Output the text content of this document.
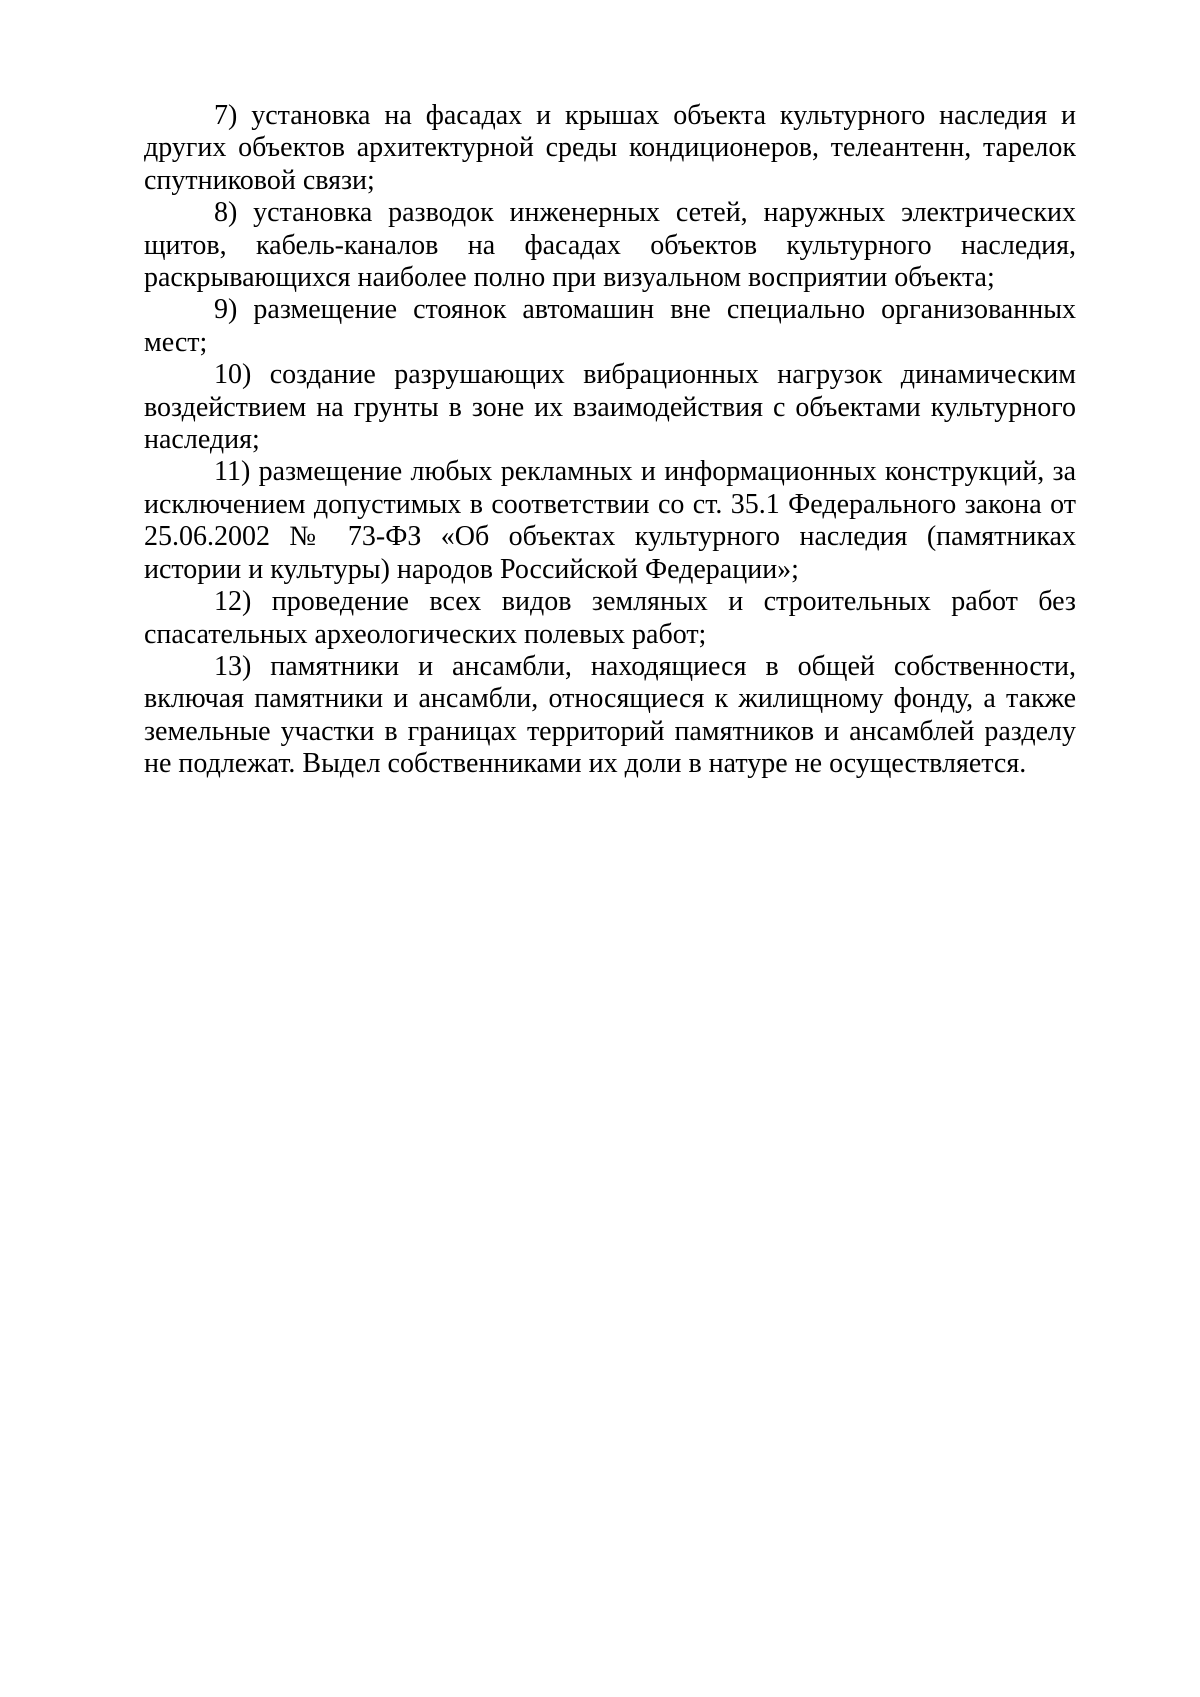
7) установка на фасадах и крышах объекта культурного наследия и других объектов архитектурной среды кондиционеров, телеантенн, тарелок спутниковой связи;

8) установка разводок инженерных сетей, наружных электрических щитов, кабель-каналов на фасадах объектов культурного наследия, раскрывающихся наиболее полно при визуальном восприятии объекта;

9) размещение стоянок автомашин вне специально организованных мест;

10) создание разрушающих вибрационных нагрузок динамическим воздействием на грунты в зоне их взаимодействия с объектами культурного наследия;

11) размещение любых рекламных и информационных конструкций, за исключением допустимых в соответствии со ст. 35.1 Федерального закона от 25.06.2002 № 73-ФЗ «Об объектах культурного наследия (памятниках истории и культуры) народов Российской Федерации»;

12) проведение всех видов земляных и строительных работ без спасательных археологических полевых работ;

13) памятники и ансамбли, находящиеся в общей собственности, включая памятники и ансамбли, относящиеся к жилищному фонду, а также земельные участки в границах территорий памятников и ансамблей разделу не подлежат. Выдел собственниками их доли в натуре не осуществляется.
